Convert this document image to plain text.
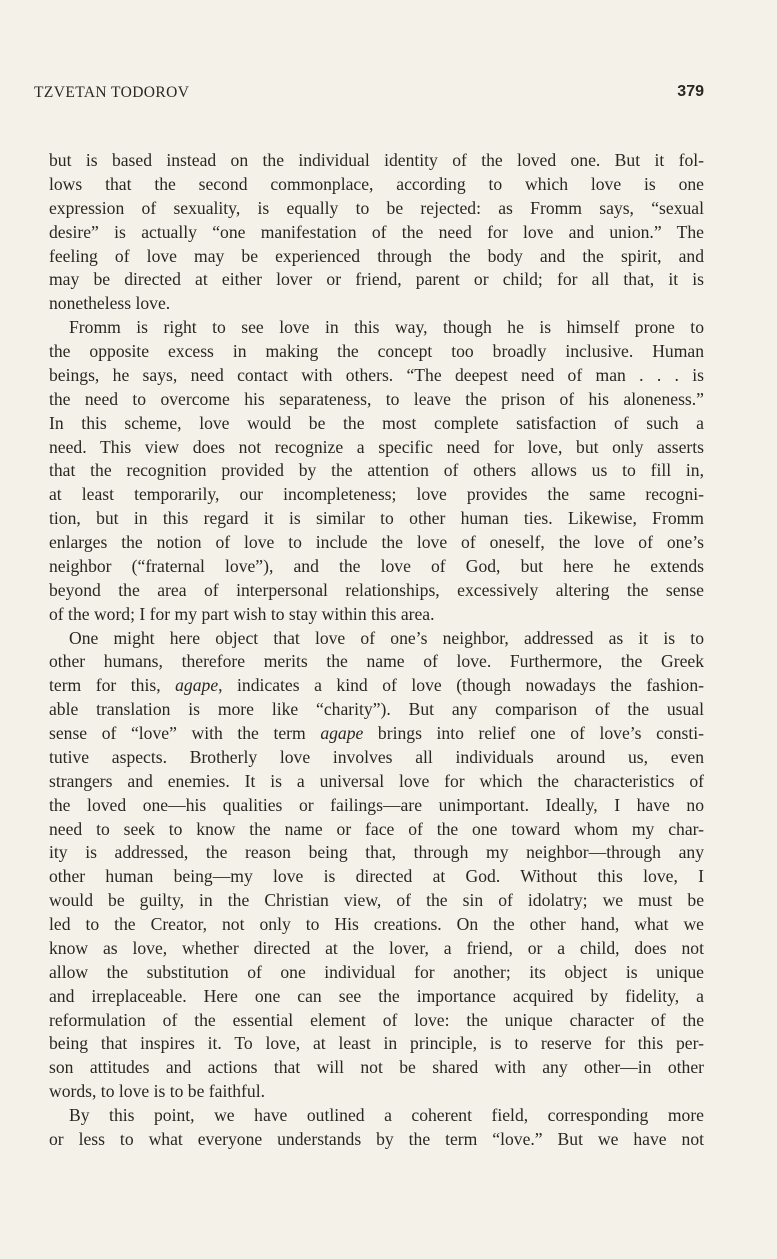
TZVETAN TODOROV	379
but is based instead on the individual identity of the loved one. But it fol-
lows that the second commonplace, according to which love is one
expression of sexuality, is equally to be rejected: as Fromm says, “sexual
desire” is actually “one manifestation of the need for love and union.” The
feeling of love may be experienced through the body and the spirit, and
may be directed at either lover or friend, parent or child; for all that, it is
nonetheless love.
Fromm is right to see love in this way, though he is himself prone to
the opposite excess in making the concept too broadly inclusive. Human
beings, he says, need contact with others. “The deepest need of man . . . is
the need to overcome his separateness, to leave the prison of his aloneness.”
In this scheme, love would be the most complete satisfaction of such a
need. This view does not recognize a specific need for love, but only asserts
that the recognition provided by the attention of others allows us to fill in,
at least temporarily, our incompleteness; love provides the same recogni-
tion, but in this regard it is similar to other human ties. Likewise, Fromm
enlarges the notion of love to include the love of oneself, the love of one’s
neighbor (“fraternal love”), and the love of God, but here he extends
beyond the area of interpersonal relationships, excessively altering the sense
of the word; I for my part wish to stay within this area.
One might here object that love of one’s neighbor, addressed as it is to
other humans, therefore merits the name of love. Furthermore, the Greek
term for this, agape, indicates a kind of love (though nowadays the fashion-
able translation is more like “charity”). But any comparison of the usual
sense of “love” with the term agape brings into relief one of love’s consti-
tutive aspects. Brotherly love involves all individuals around us, even
strangers and enemies. It is a universal love for which the characteristics of
the loved one—his qualities or failings—are unimportant. Ideally, I have no
need to seek to know the name or face of the one toward whom my char-
ity is addressed, the reason being that, through my neighbor—through any
other human being—my love is directed at God. Without this love, I
would be guilty, in the Christian view, of the sin of idolatry; we must be
led to the Creator, not only to His creations. On the other hand, what we
know as love, whether directed at the lover, a friend, or a child, does not
allow the substitution of one individual for another; its object is unique
and irreplaceable. Here one can see the importance acquired by fidelity, a
reformulation of the essential element of love: the unique character of the
being that inspires it. To love, at least in principle, is to reserve for this per-
son attitudes and actions that will not be shared with any other—in other
words, to love is to be faithful.
By this point, we have outlined a coherent field, corresponding more
or less to what everyone understands by the term “love.” But we have not
